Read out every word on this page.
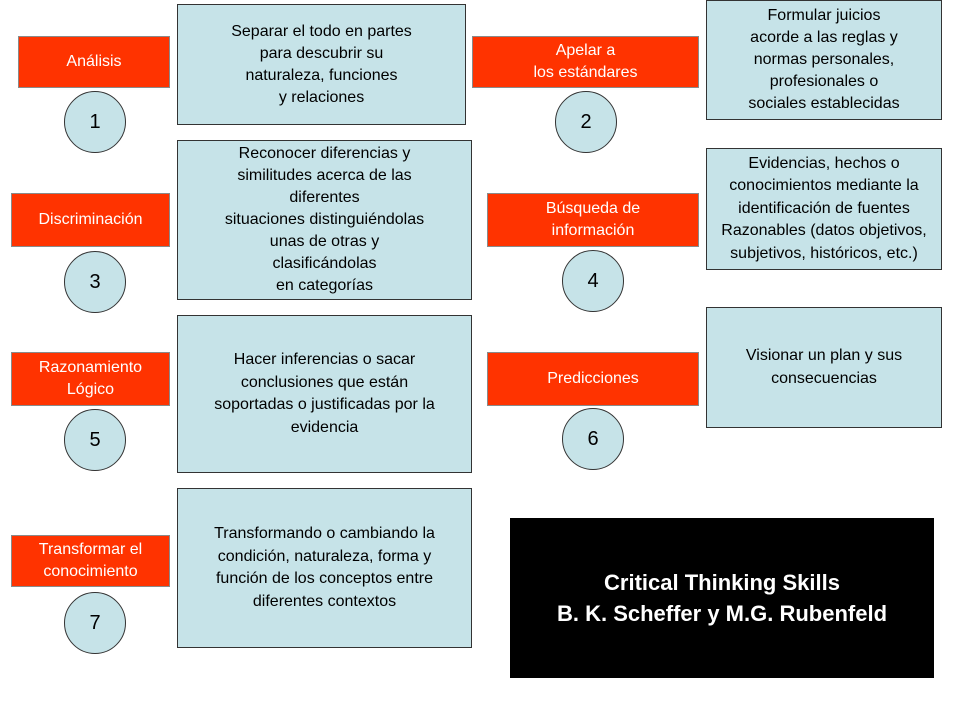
Análisis
1
Separar el todo en partes
para descubrir su
naturaleza, funciones
y relaciones
Apelar a
los estándares
2
Formular juicios
acorde a las reglas y
normas personales,
profesionales o
sociales establecidas
Discriminación
3
Reconocer diferencias y
similitudes acerca de las
diferentes
situaciones distinguiéndolas
unas de otras y
clasificándolas
en categorías
Búsqueda de
información
4
Evidencias, hechos o
conocimientos mediante la
identificación de fuentes
Razonables (datos objetivos,
subjetivos, históricos, etc.)
Razonamiento
Lógico
5
Hacer inferencias o sacar
conclusiones que están
soportadas o justificadas por la
evidencia
Predicciones
6
Visionar un plan y sus
consecuencias
Transformar el
conocimiento
7
Transformando o cambiando la
condición, naturaleza, forma y
función de los conceptos entre
diferentes contextos
Critical Thinking Skills
B. K. Scheffer y M.G. Rubenfeld
